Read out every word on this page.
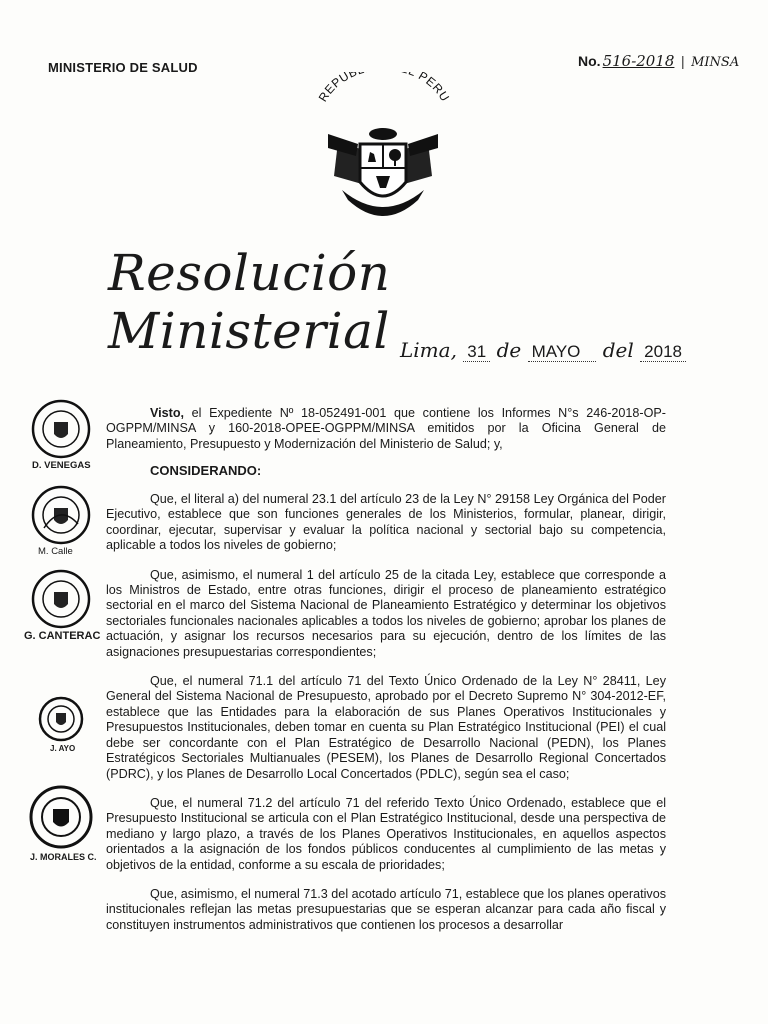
MINISTERIO DE SALUD	No. 516-2018 | MINSA
REPUB PERU
Resolución Ministerial Lima, 31 de MAYO del 2018
D. VENEGAS
M. Calle
G. CANTERAC
J. AYO
J. MORALES C.

Visto, el Expediente Nº 18-052491-001 que contiene los Informes N°s 246-2018-OP-OGPPM/MINSA y 160-2018-OPEE-OGPPM/MINSA emitidos por la Oficina General de Planeamiento, Presupuesto y Modernización del Ministerio de Salud; y,

CONSIDERANDO:

Que, el literal a) del numeral 23.1 del artículo 23 de la Ley N° 29158 Ley Orgánica del Poder Ejecutivo, establece que son funciones generales de los Ministerios, formular, planear, dirigir, coordinar, ejecutar, supervisar y evaluar la política nacional y sectorial bajo su competencia, aplicable a todos los niveles de gobierno;

Que, asimismo, el numeral 1 del artículo 25 de la citada Ley, establece que corresponde a los Ministros de Estado, entre otras funciones, dirigir el proceso de planeamiento estratégico sectorial en el marco del Sistema Nacional de Planeamiento Estratégico y determinar los objetivos sectoriales funcionales nacionales aplicables a todos los niveles de gobierno; aprobar los planes de actuación, y asignar los recursos necesarios para su ejecución, dentro de los límites de las asignaciones presupuestarias correspondientes;

Que, el numeral 71.1 del artículo 71 del Texto Único Ordenado de la Ley N° 28411, Ley General del Sistema Nacional de Presupuesto, aprobado por el Decreto Supremo N° 304-2012-EF, establece que las Entidades para la elaboración de sus Planes Operativos Institucionales y Presupuestos Institucionales, deben tomar en cuenta su Plan Estratégico Institucional (PEI) el cual debe ser concordante con el Plan Estratégico de Desarrollo Nacional (PEDN), los Planes Estratégicos Sectoriales Multianuales (PESEM), los Planes de Desarrollo Regional Concertados (PDRC), y los Planes de Desarrollo Local Concertados (PDLC), según sea el caso;

Que, el numeral 71.2 del artículo 71 del referido Texto Único Ordenado, establece que el Presupuesto Institucional se articula con el Plan Estratégico Institucional, desde una perspectiva de mediano y largo plazo, a través de los Planes Operativos Institucionales, en aquellos aspectos orientados a la asignación de los fondos públicos conducentes al cumplimiento de las metas y objetivos de la entidad, conforme a su escala de prioridades;

Que, asimismo, el numeral 71.3 del acotado artículo 71, establece que los planes operativos institucionales reflejan las metas presupuestarias que se esperan alcanzar para cada año fiscal y constituyen instrumentos administrativos que contienen los procesos a desarrollar
